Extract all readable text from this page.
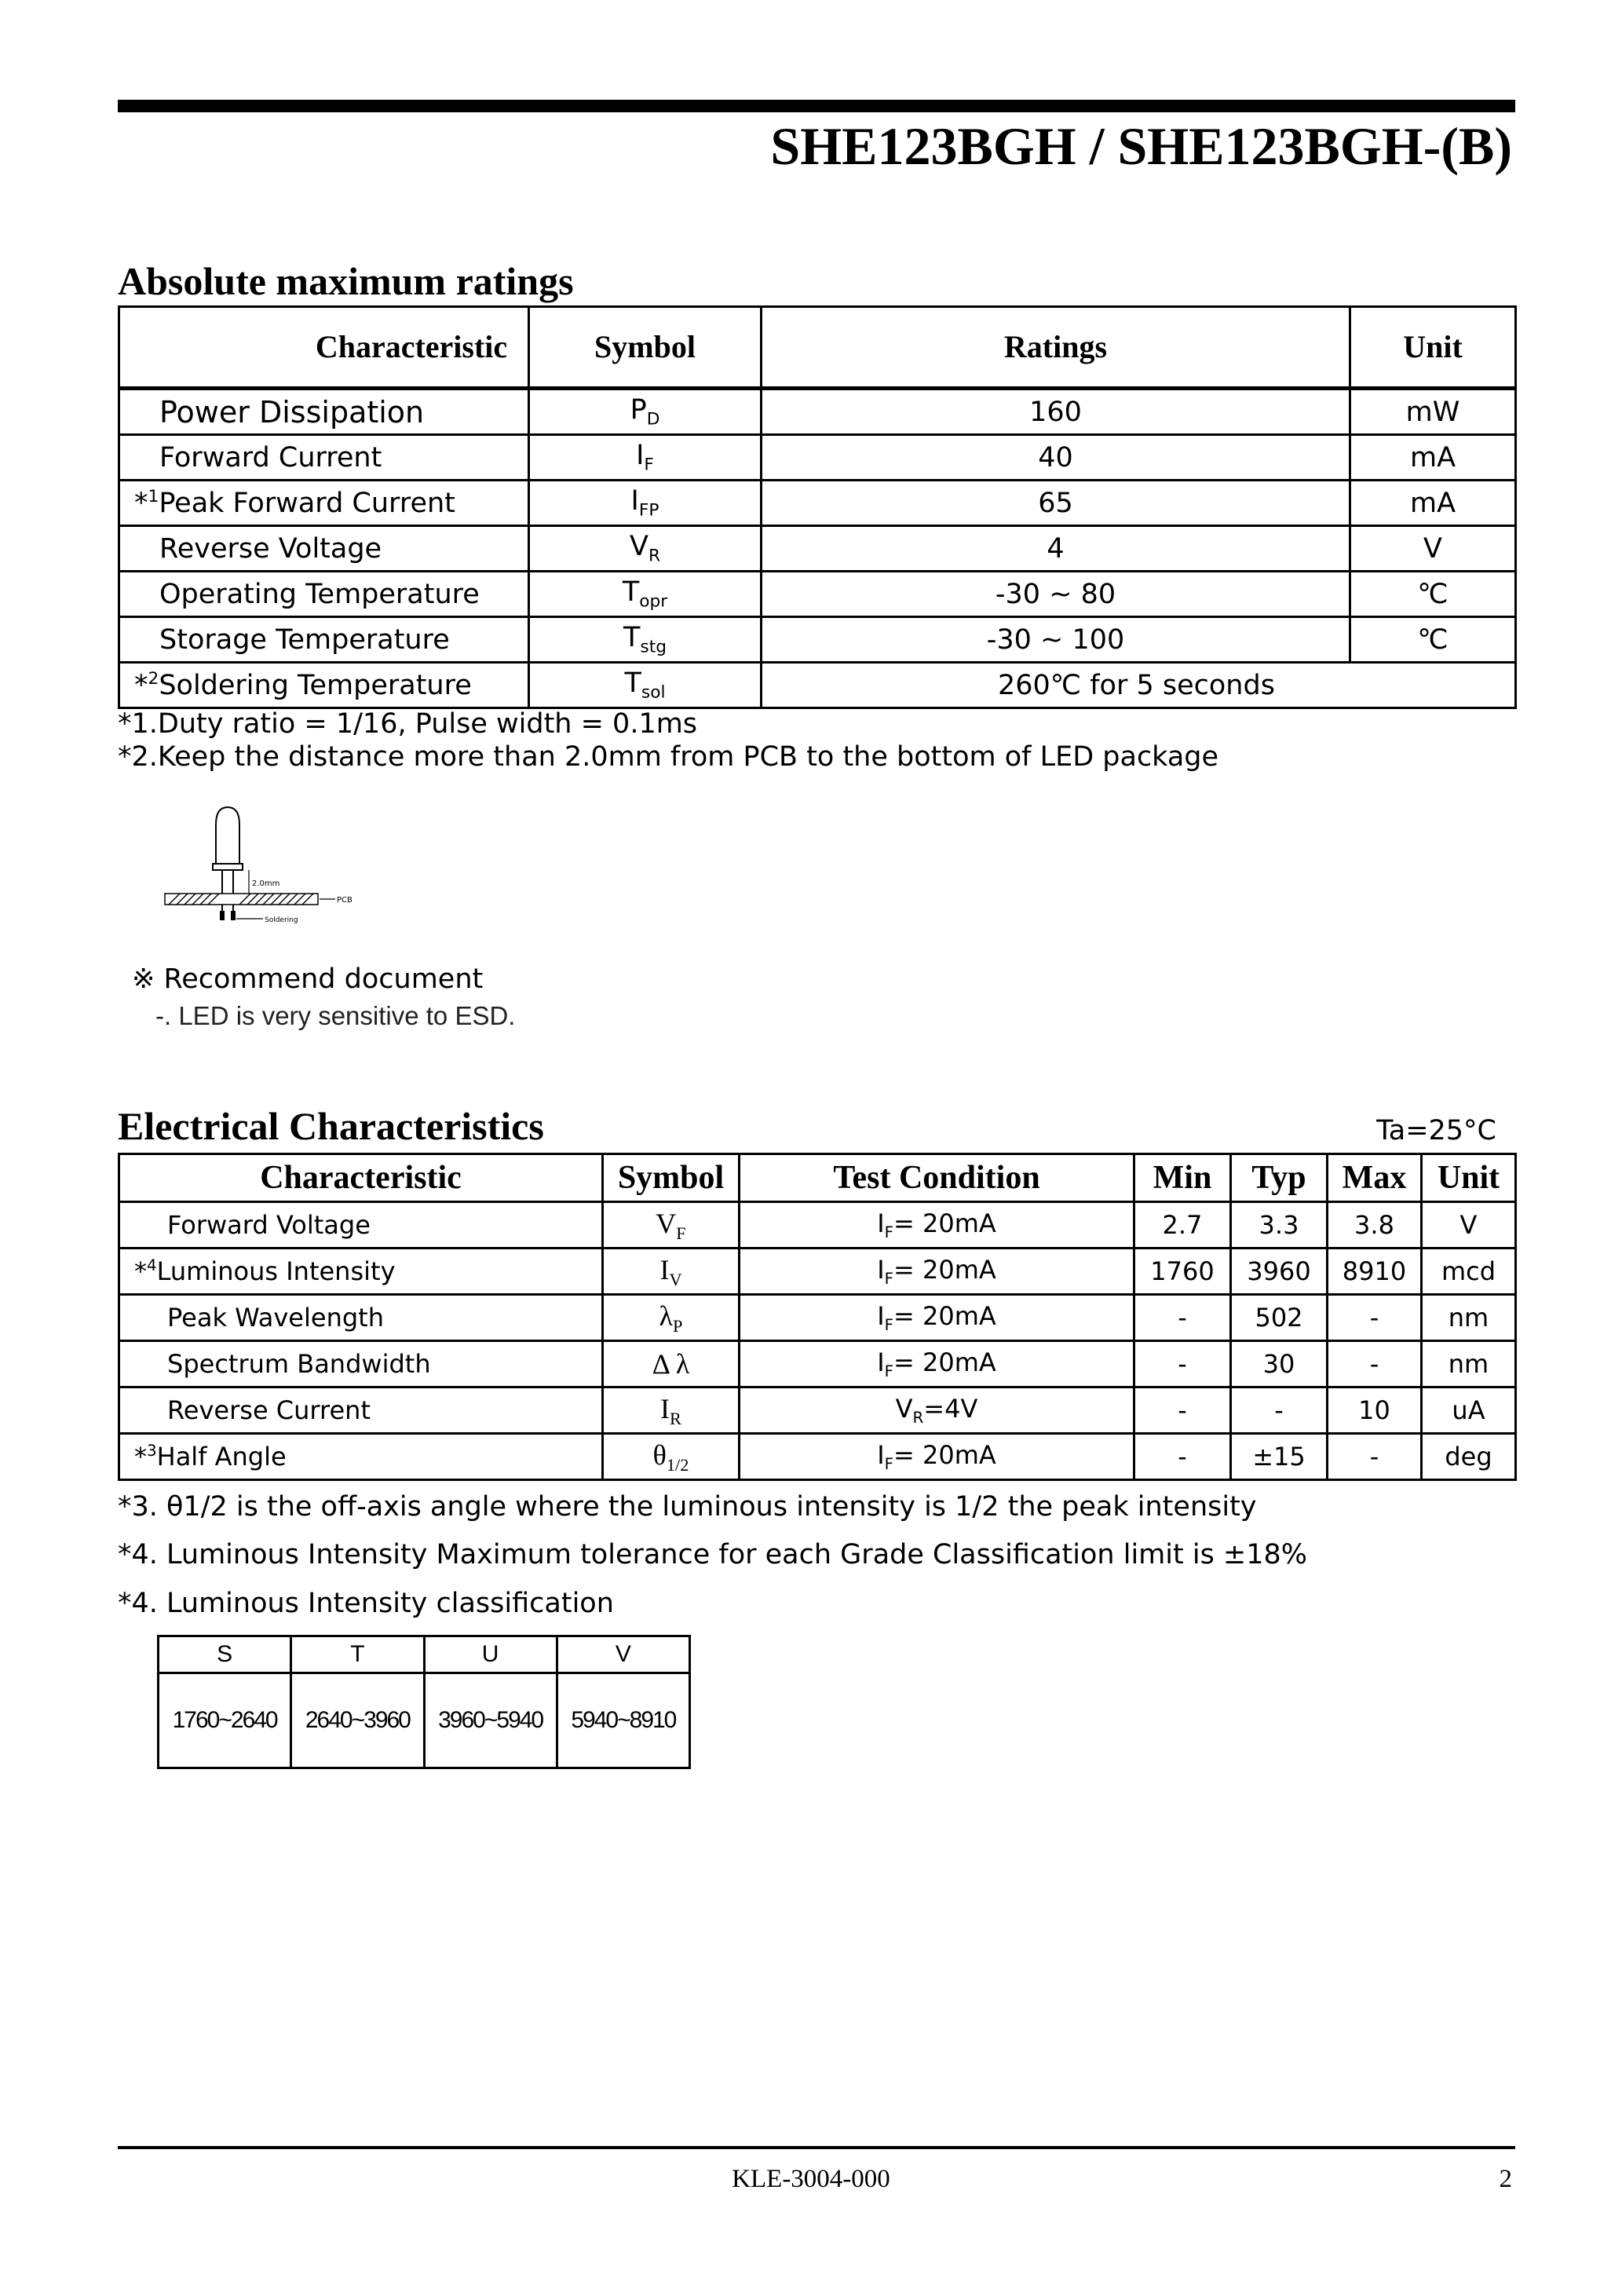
SHE123BGH / SHE123BGH-(B)
Absolute maximum ratings
Characteristic	Symbol	Ratings	Unit
Power Dissipation	$P_D$	160	mW
Forward Current	$I_F$	40	mA
*$^1$Peak Forward Current	$I_{FP}$	65	mA
Reverse Voltage	$V_R$	4	V
Operating Temperature	$T_{opr}$	-30 ~ 80	℃
Storage Temperature	$T_{stg}$	-30 ~ 100	℃
*$^2$Soldering Temperature	$T_{sol}$	260℃ for 5 seconds	
*1.Duty ratio = 1/16, Pulse width = 0.1ms
*2.Keep the distance more than 2.0mm from PCB to the bottom of LED package
2.0mm
PCB
Soldering
※ Recommend document
-. LED is very sensitive to ESD.
Electrical Characteristics	Ta=25°C
Characteristic	Symbol	Test Condition	Min	Typ	Max	Unit
Forward Voltage	$V_F$	$I_F= 20mA$	2.7	3.3	3.8	V
*$^4$Luminous Intensity	$I_V$	$I_F= 20mA$	1760	3960	8910	mcd
Peak Wavelength	$\lambda_P$	$I_F= 20mA$	-	502	-	nm
Spectrum Bandwidth	Δ λ	$I_F= 20mA$	-	30	-	nm
Reverse Current	$I_R$	$V_R=4V$	-	-	10	uA
*$^3$Half Angle	$\theta_{1/2}$	$I_F= 20mA$	-	±15	-	deg
*3. θ1/2 is the off-axis angle where the luminous intensity is 1/2 the peak intensity
*4. Luminous Intensity Maximum tolerance for each Grade Classification limit is ±18%
*4. Luminous Intensity classification
S	T	U	V
1760~2640	2640~3960	3960~5940	5940~8910
KLE-3004-000	2
